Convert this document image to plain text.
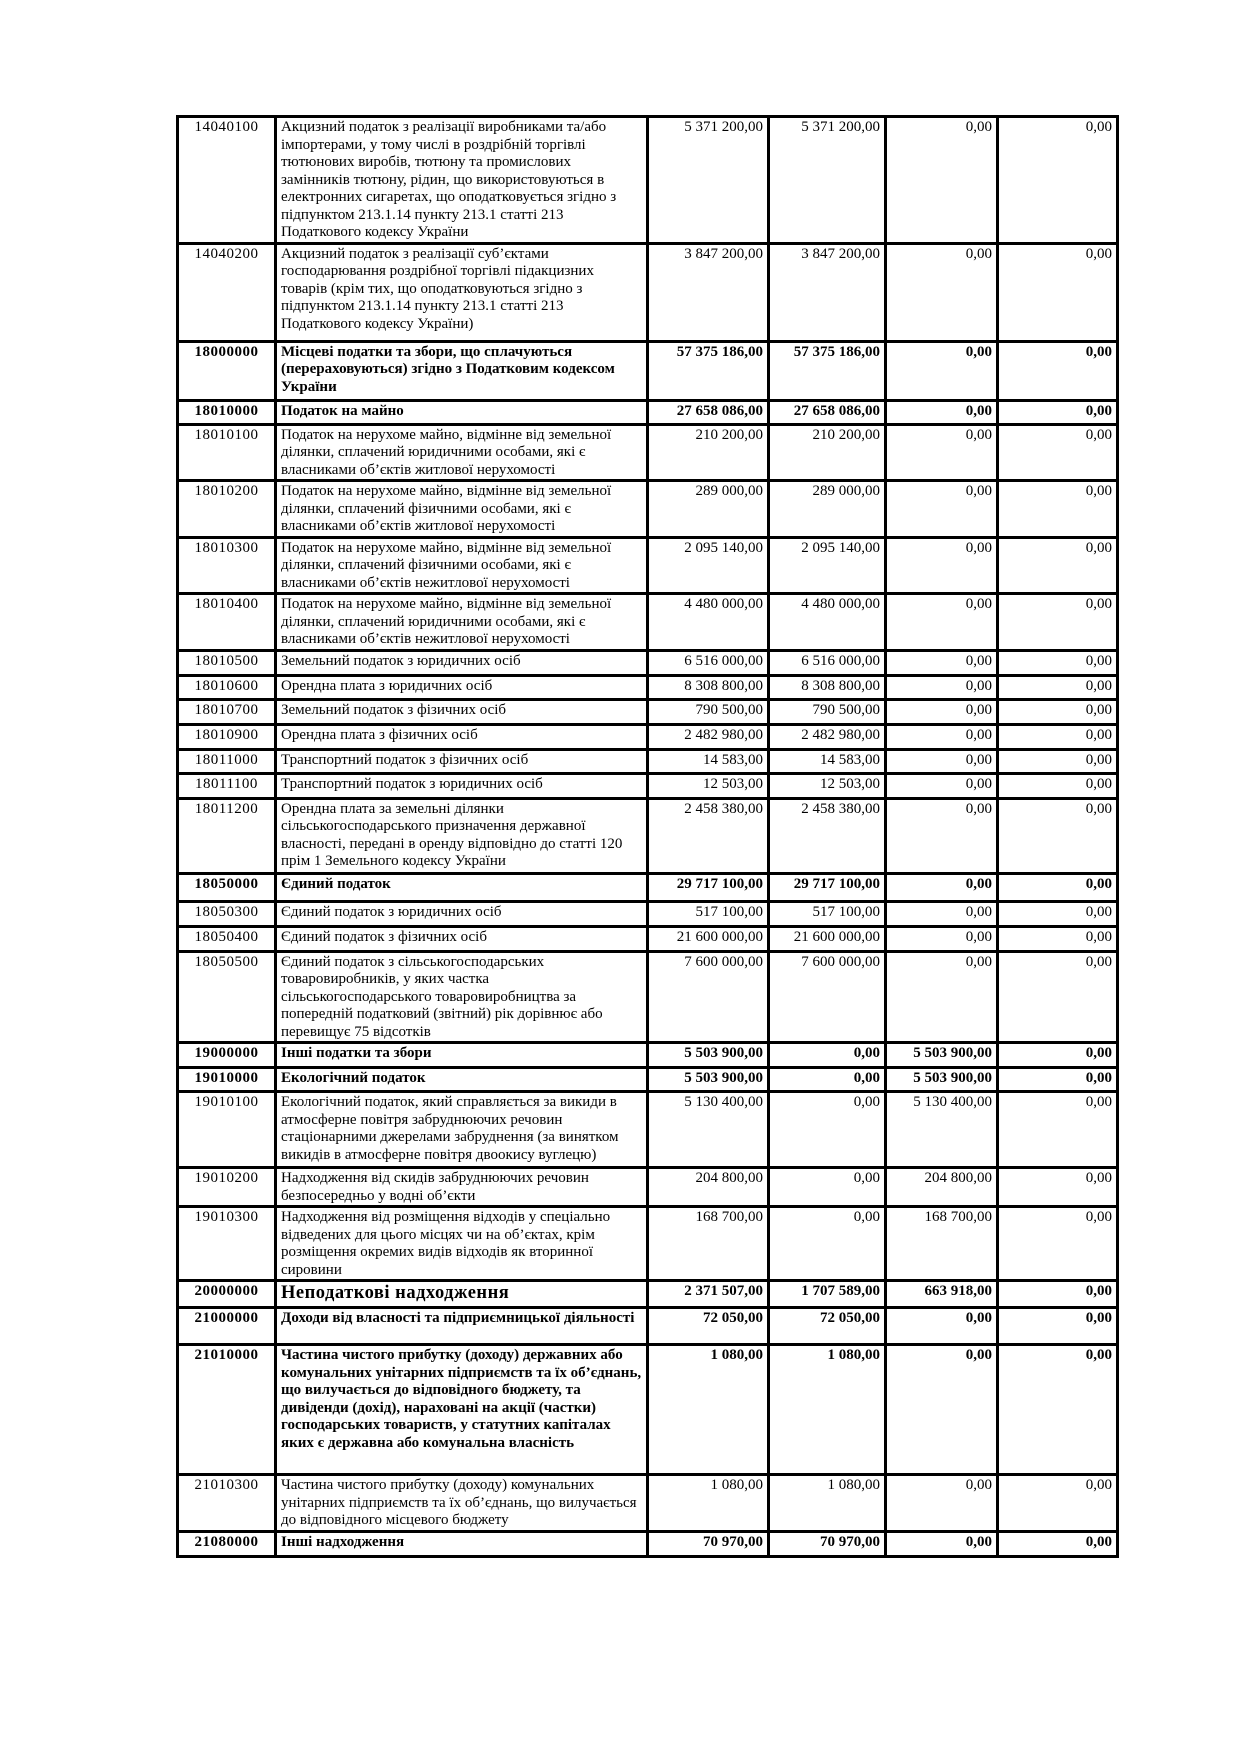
14040100	Акцизний податок з реалізації виробниками та/або імпортерами, у тому числі в роздрібній торгівлі тютюнових виробів, тютюну та промислових замінників тютюну, рідин, що використовуються в електронних сигаретах, що оподатковується згідно з підпунктом 213.1.14 пункту 213.1 статті 213 Податкового кодексу України	5 371 200,00	5 371 200,00	0,00	0,00
14040200	Акцизний податок з реалізації суб’єктами господарювання роздрібної торгівлі підакцизних товарів (крім тих, що оподатковуються згідно з підпунктом 213.1.14 пункту 213.1 статті 213 Податкового кодексу України)	3 847 200,00	3 847 200,00	0,00	0,00
18000000	Місцеві податки та збори, що сплачуються (перераховуються) згідно з Податковим кодексом України	57 375 186,00	57 375 186,00	0,00	0,00
18010000	Податок на майно	27 658 086,00	27 658 086,00	0,00	0,00
18010100	Податок на нерухоме майно, відмінне від земельної ділянки, сплачений юридичними особами, які є власниками об’єктів житлової нерухомості	210 200,00	210 200,00	0,00	0,00
18010200	Податок на нерухоме майно, відмінне від земельної ділянки, сплачений фізичними особами, які є власниками об’єктів житлової нерухомості	289 000,00	289 000,00	0,00	0,00
18010300	Податок на нерухоме майно, відмінне від земельної ділянки, сплачений фізичними особами, які є власниками об’єктів нежитлової нерухомості	2 095 140,00	2 095 140,00	0,00	0,00
18010400	Податок на нерухоме майно, відмінне від земельної ділянки, сплачений юридичними особами, які є власниками об’єктів нежитлової нерухомості	4 480 000,00	4 480 000,00	0,00	0,00
18010500	Земельний податок з юридичних осіб	6 516 000,00	6 516 000,00	0,00	0,00
18010600	Орендна плата з юридичних осіб	8 308 800,00	8 308 800,00	0,00	0,00
18010700	Земельний податок з фізичних осіб	790 500,00	790 500,00	0,00	0,00
18010900	Орендна плата з фізичних осіб	2 482 980,00	2 482 980,00	0,00	0,00
18011000	Транспортний податок з фізичних осіб	14 583,00	14 583,00	0,00	0,00
18011100	Транспортний податок з юридичних осіб	12 503,00	12 503,00	0,00	0,00
18011200	Орендна плата за земельні ділянки сільськогосподарського призначення державної власності, передані в оренду відповідно до статті 120 прім 1 Земельного кодексу України	2 458 380,00	2 458 380,00	0,00	0,00
18050000	Єдиний податок	29 717 100,00	29 717 100,00	0,00	0,00
18050300	Єдиний податок з юридичних осіб	517 100,00	517 100,00	0,00	0,00
18050400	Єдиний податок з фізичних осіб	21 600 000,00	21 600 000,00	0,00	0,00
18050500	Єдиний податок з сільськогосподарських товаровиробників, у яких частка сільськогосподарського товаровиробництва за попередній податковий (звітний) рік дорівнює або перевищує 75 відсотків	7 600 000,00	7 600 000,00	0,00	0,00
19000000	Інші податки та збори	5 503 900,00	0,00	5 503 900,00	0,00
19010000	Екологічний податок	5 503 900,00	0,00	5 503 900,00	0,00
19010100	Екологічний податок, який справляється за викиди в атмосферне повітря забруднюючих речовин стаціонарними джерелами забруднення (за винятком викидів в атмосферне повітря двоокису вуглецю)	5 130 400,00	0,00	5 130 400,00	0,00
19010200	Надходження від скидів забруднюючих речовин безпосередньо у водні об’єкти	204 800,00	0,00	204 800,00	0,00
19010300	Надходження від розміщення відходів у спеціально відведених для цього місцях чи на об’єктах, крім розміщення окремих видів відходів як вторинної сировини	168 700,00	0,00	168 700,00	0,00
20000000	Неподаткові надходження	2 371 507,00	1 707 589,00	663 918,00	0,00
21000000	Доходи від власності та підприємницької діяльності	72 050,00	72 050,00	0,00	0,00
21010000	Частина чистого прибутку (доходу) державних або комунальних унітарних підприємств та їх об’єднань, що вилучається до відповідного бюджету, та дивіденди (дохід), нараховані на акції (частки) господарських товариств, у статутних капіталах яких є державна або комунальна власність	1 080,00	1 080,00	0,00	0,00
21010300	Частина чистого прибутку (доходу) комунальних унітарних підприємств та їх об’єднань, що вилучається до відповідного місцевого бюджету	1 080,00	1 080,00	0,00	0,00
21080000	Інші надходження	70 970,00	70 970,00	0,00	0,00
